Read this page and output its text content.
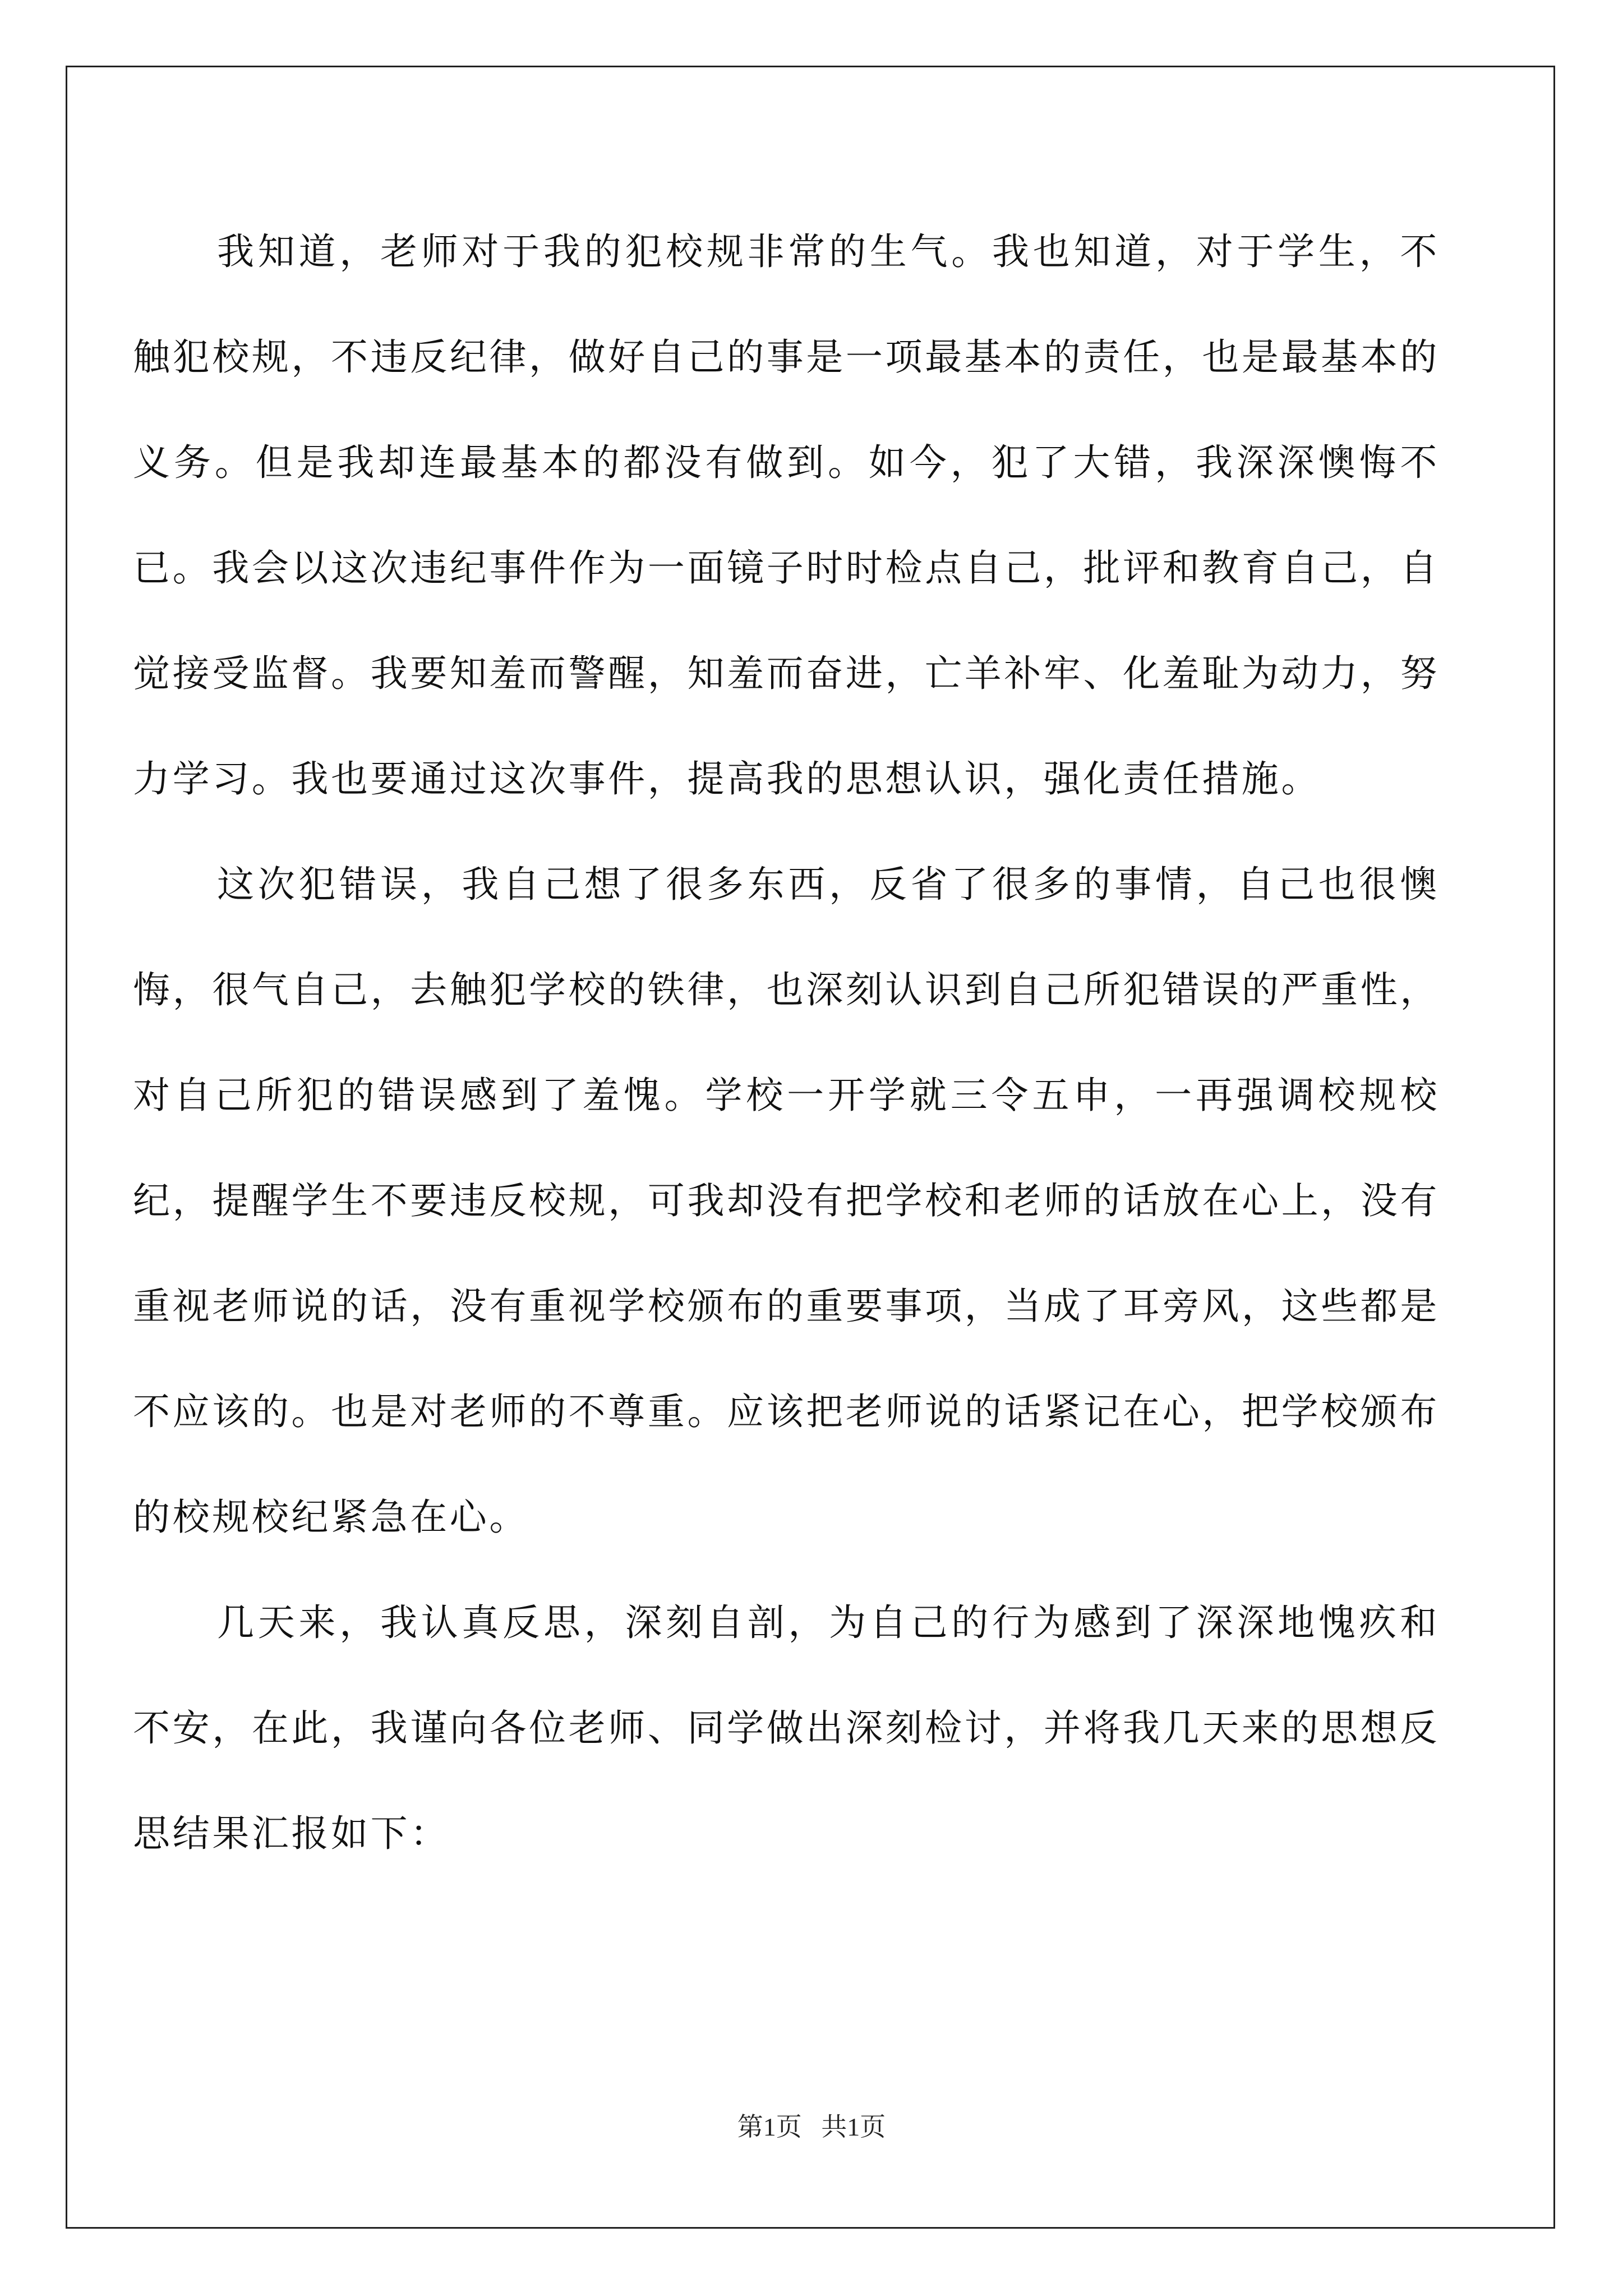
我知道，老师对于我的犯校规非常的生气。我也知道，对于学生，不触犯校规，不违反纪律，做好自己的事是一项最基本的责任，也是最基本的义务。但是我却连最基本的都没有做到。如今，犯了大错，我深深懊悔不已。我会以这次违纪事件作为一面镜子时时检点自己，批评和教育自己，自觉接受监督。我要知羞而警醒，知羞而奋进，亡羊补牢、化羞耻为动力，努力学习。我也要通过这次事件，提高我的思想认识，强化责任措施。

这次犯错误，我自己想了很多东西，反省了很多的事情，自己也很懊悔，很气自己，去触犯学校的铁律，也深刻认识到自己所犯错误的严重性，对自己所犯的错误感到了羞愧。学校一开学就三令五申，一再强调校规校纪，提醒学生不要违反校规，可我却没有把学校和老师的话放在心上，没有重视老师说的话，没有重视学校颁布的重要事项，当成了耳旁风，这些都是不应该的。也是对老师的不尊重。应该把老师说的话紧记在心，把学校颁布的校规校纪紧急在心。

几天来，我认真反思，深刻自剖，为自己的行为感到了深深地愧疚和不安，在此，我谨向各位老师、同学做出深刻检讨，并将我几天来的思想反思结果汇报如下：

第1页   共1页
